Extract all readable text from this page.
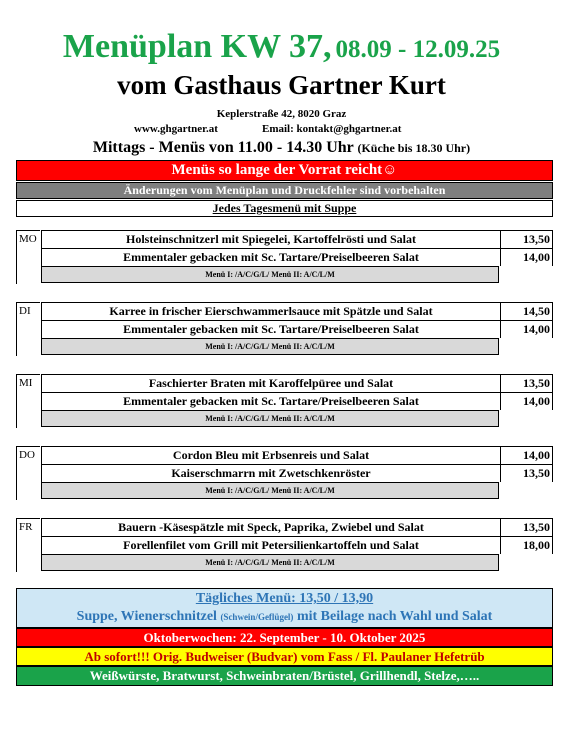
Menüplan KW 37, 08.09 - 12.09.25
vom Gasthaus Gartner Kurt
Keplerstraße 42, 8020 Graz
www.ghgartner.at	Email: kontakt@ghgartner.at
Mittags - Menüs von 11.00 - 14.30 Uhr (Küche bis 18.30 Uhr)
Menüs so lange der Vorrat reicht☺
Änderungen vom Menüplan und Druckfehler sind vorbehalten
Jedes Tagesmenü mit Suppe
MO	Holsteinschnitzerl mit Spiegelei, Kartoffelrösti und Salat	13,50
Emmentaler gebacken mit Sc. Tartare/Preiselbeeren Salat	14,00
Menü I: /A/C/G/L/ Menü II: A/C/L/M
DI	Karree in frischer Eierschwammerlsauce mit Spätzle und Salat	14,50
Emmentaler gebacken mit Sc. Tartare/Preiselbeeren Salat	14,00
Menü I: /A/C/G/L/ Menü II: A/C/L/M
MI	Faschierter Braten mit Karoffelpüree und Salat	13,50
Emmentaler gebacken mit Sc. Tartare/Preiselbeeren Salat	14,00
Menü I: /A/C/G/L/ Menü II: A/C/L/M
DO	Cordon Bleu mit Erbsenreis und Salat	14,00
Kaiserschmarrn mit Zwetschkenröster	13,50
Menü I: /A/C/G/L/ Menü II: A/C/L/M
FR	Bauern -Käsespätzle mit Speck, Paprika, Zwiebel und Salat	13,50
Forellenfilet vom Grill mit Petersilienkartoffeln und Salat	18,00
Menü I: /A/C/G/L/ Menü II: A/C/L/M
Tägliches Menü: 13,50 / 13,90
Suppe, Wienerschnitzel (Schwein/Geflügel) mit Beilage nach Wahl und Salat
Oktoberwochen: 22. September - 10. Oktober 2025
Ab sofort!!! Orig. Budweiser (Budvar) vom Fass / Fl. Paulaner Hefetrüb
Weißwürste, Bratwurst, Schweinbraten/Brüstel, Grillhendl, Stelze,…..
